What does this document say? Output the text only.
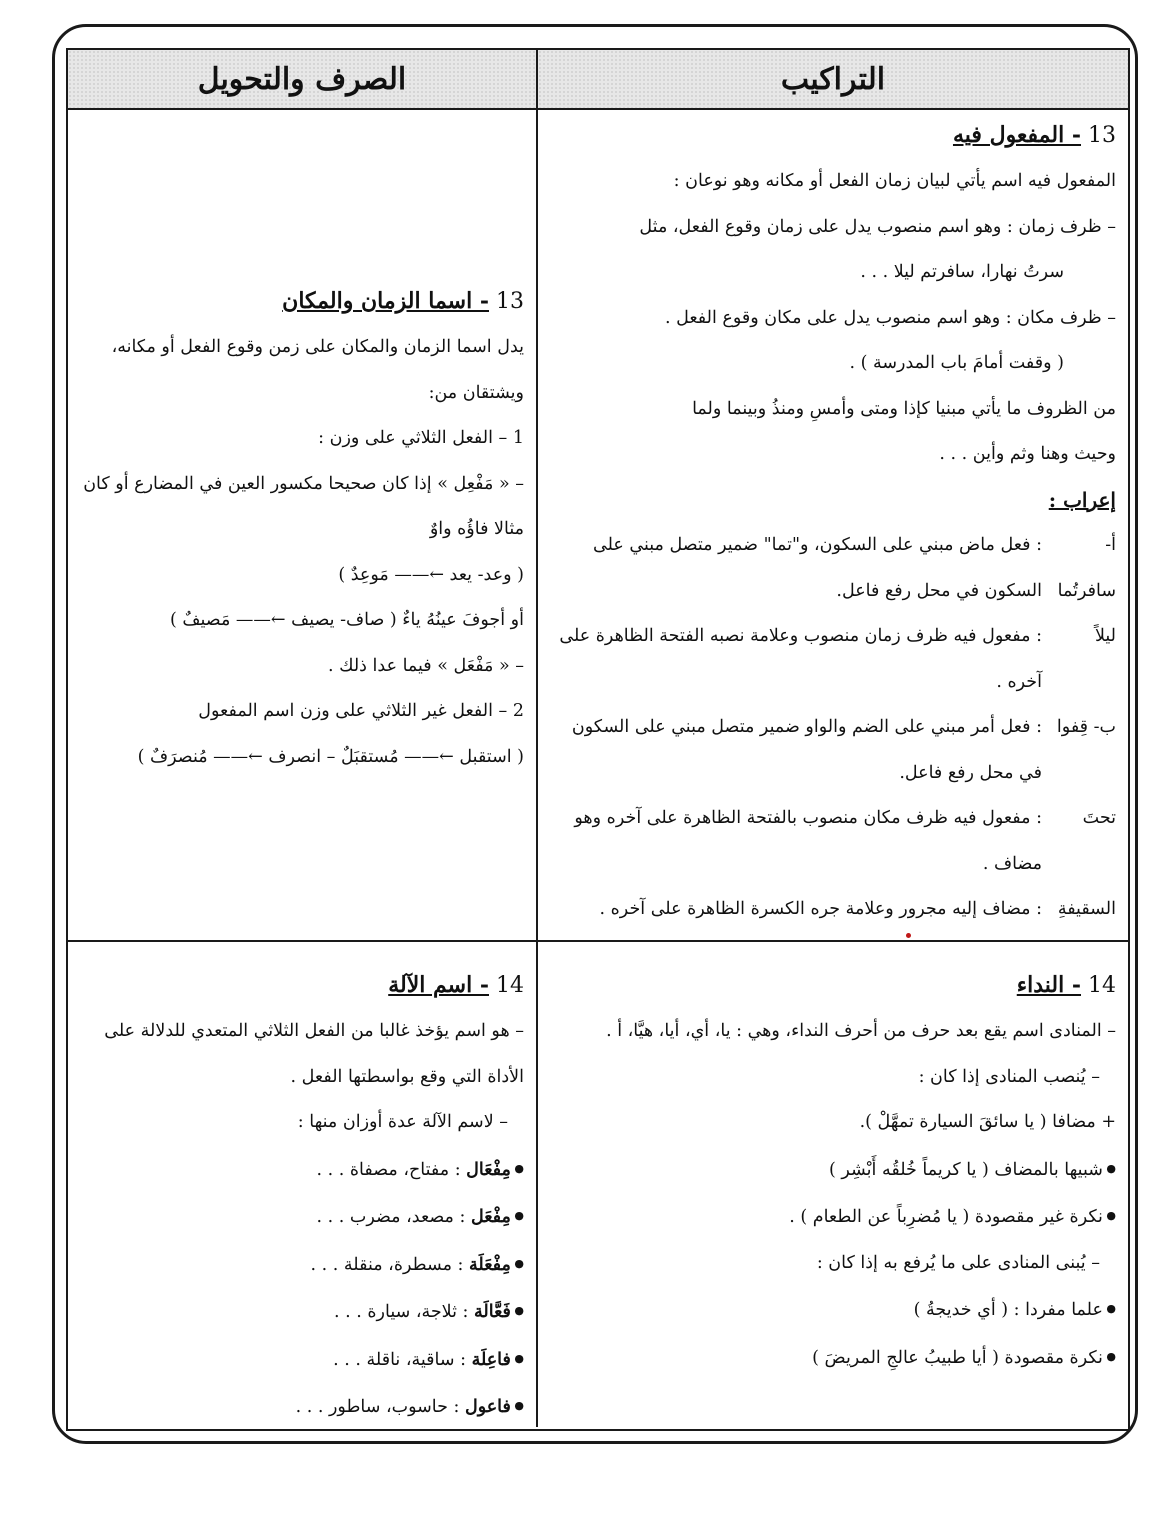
الصرف والتحويل	التراكيب

13 - اسما الزمان والمكان

يدل اسما الزمان والمكان على زمن وقوع الفعل أو مكانه، ويشتقان من:

1 – الفعل الثلاثي على وزن :

– « مَفْعِل » إذا كان صحيحا مكسور العين في المضارع أو كان مثالا فاؤُه واوٌ

( وعد- يعد ←—— مَوعِدٌ )

أو أجوفَ عينُهُ ياءٌ ( صاف- يصيف ←—— مَصيفٌ )

– « مَفْعَل » فيما عدا ذلك .

2 – الفعل غير الثلاثي على وزن اسم المفعول

( استقبل ←—— مُستقبَلٌ – انصرف ←—— مُنصرَفٌ )

13 - المفعول فيه

المفعول فيه اسم يأتي لبيان زمان الفعل أو مكانه وهو نوعان :

– ظرف زمان : وهو اسم منصوب يدل على زمان وقوع الفعل، مثل

سرتُ نهارا، سافرتم ليلا . . .

– ظرف مكان : وهو اسم منصوب يدل على مكان وقوع الفعل .

( وقفت أمامَ باب المدرسة ) .

من الظروف ما يأتي مبنيا كإذا ومتى وأمسِ ومنذُ وبينما ولما

وحيث وهنا وثم وأين . . .

إعراب :

أ- سافرتُما
: فعل ماض مبني على السكون، و"تما" ضمير متصل مبني على السكون في محل رفع فاعل.
ليلاً
: مفعول فيه ظرف زمان منصوب وعلامة نصبه الفتحة الظاهرة على آخره .
ب- قِفوا
: فعل أمر مبني على الضم والواو ضمير متصل مبني على السكون في محل رفع فاعل.
تحتَ
: مفعول فيه ظرف مكان منصوب بالفتحة الظاهرة على آخره وهو مضاف .
السقيفةِ
: مضاف إليه مجرور وعلامة جره الكسرة الظاهرة على آخره .

14 - اسم الآلة

– هو اسم يؤخذ غالبا من الفعل الثلاثي المتعدي للدلالة على الأداة التي وقع بواسطتها الفعل .

– لاسم الآلة عدة أوزان منها :

● مِفْعَال : مفتاح، مصفاة . . .

● مِفْعَل : مصعد، مضرب . . .

● مِفْعَلَة : مسطرة، منقلة . . .

● فَعَّالَة : ثلاجة، سيارة . . .

● فاعِلَة : ساقية، ناقلة . . .

● فاعول : حاسوب، ساطور . . .

14 - النداء

– المنادى اسم يقع بعد حرف من أحرف النداء، وهي : يا، أي، أيا، هيَّا، أ .

– يُنصب المنادى إذا كان :

+ مضافا ( يا سائقَ السيارة تمهَّلْ ).

● شبيها بالمضاف ( يا كريماً خُلقُه أَبْشِر )

● نكرة غير مقصودة ( يا مُضرِباً عن الطعام ) .

– يُبنى المنادى على ما يُرفع به إذا كان :

● علما مفردا : ( أي خديجةُ )

● نكرة مقصودة ( أيا طبيبُ عالجِ المريضَ )
